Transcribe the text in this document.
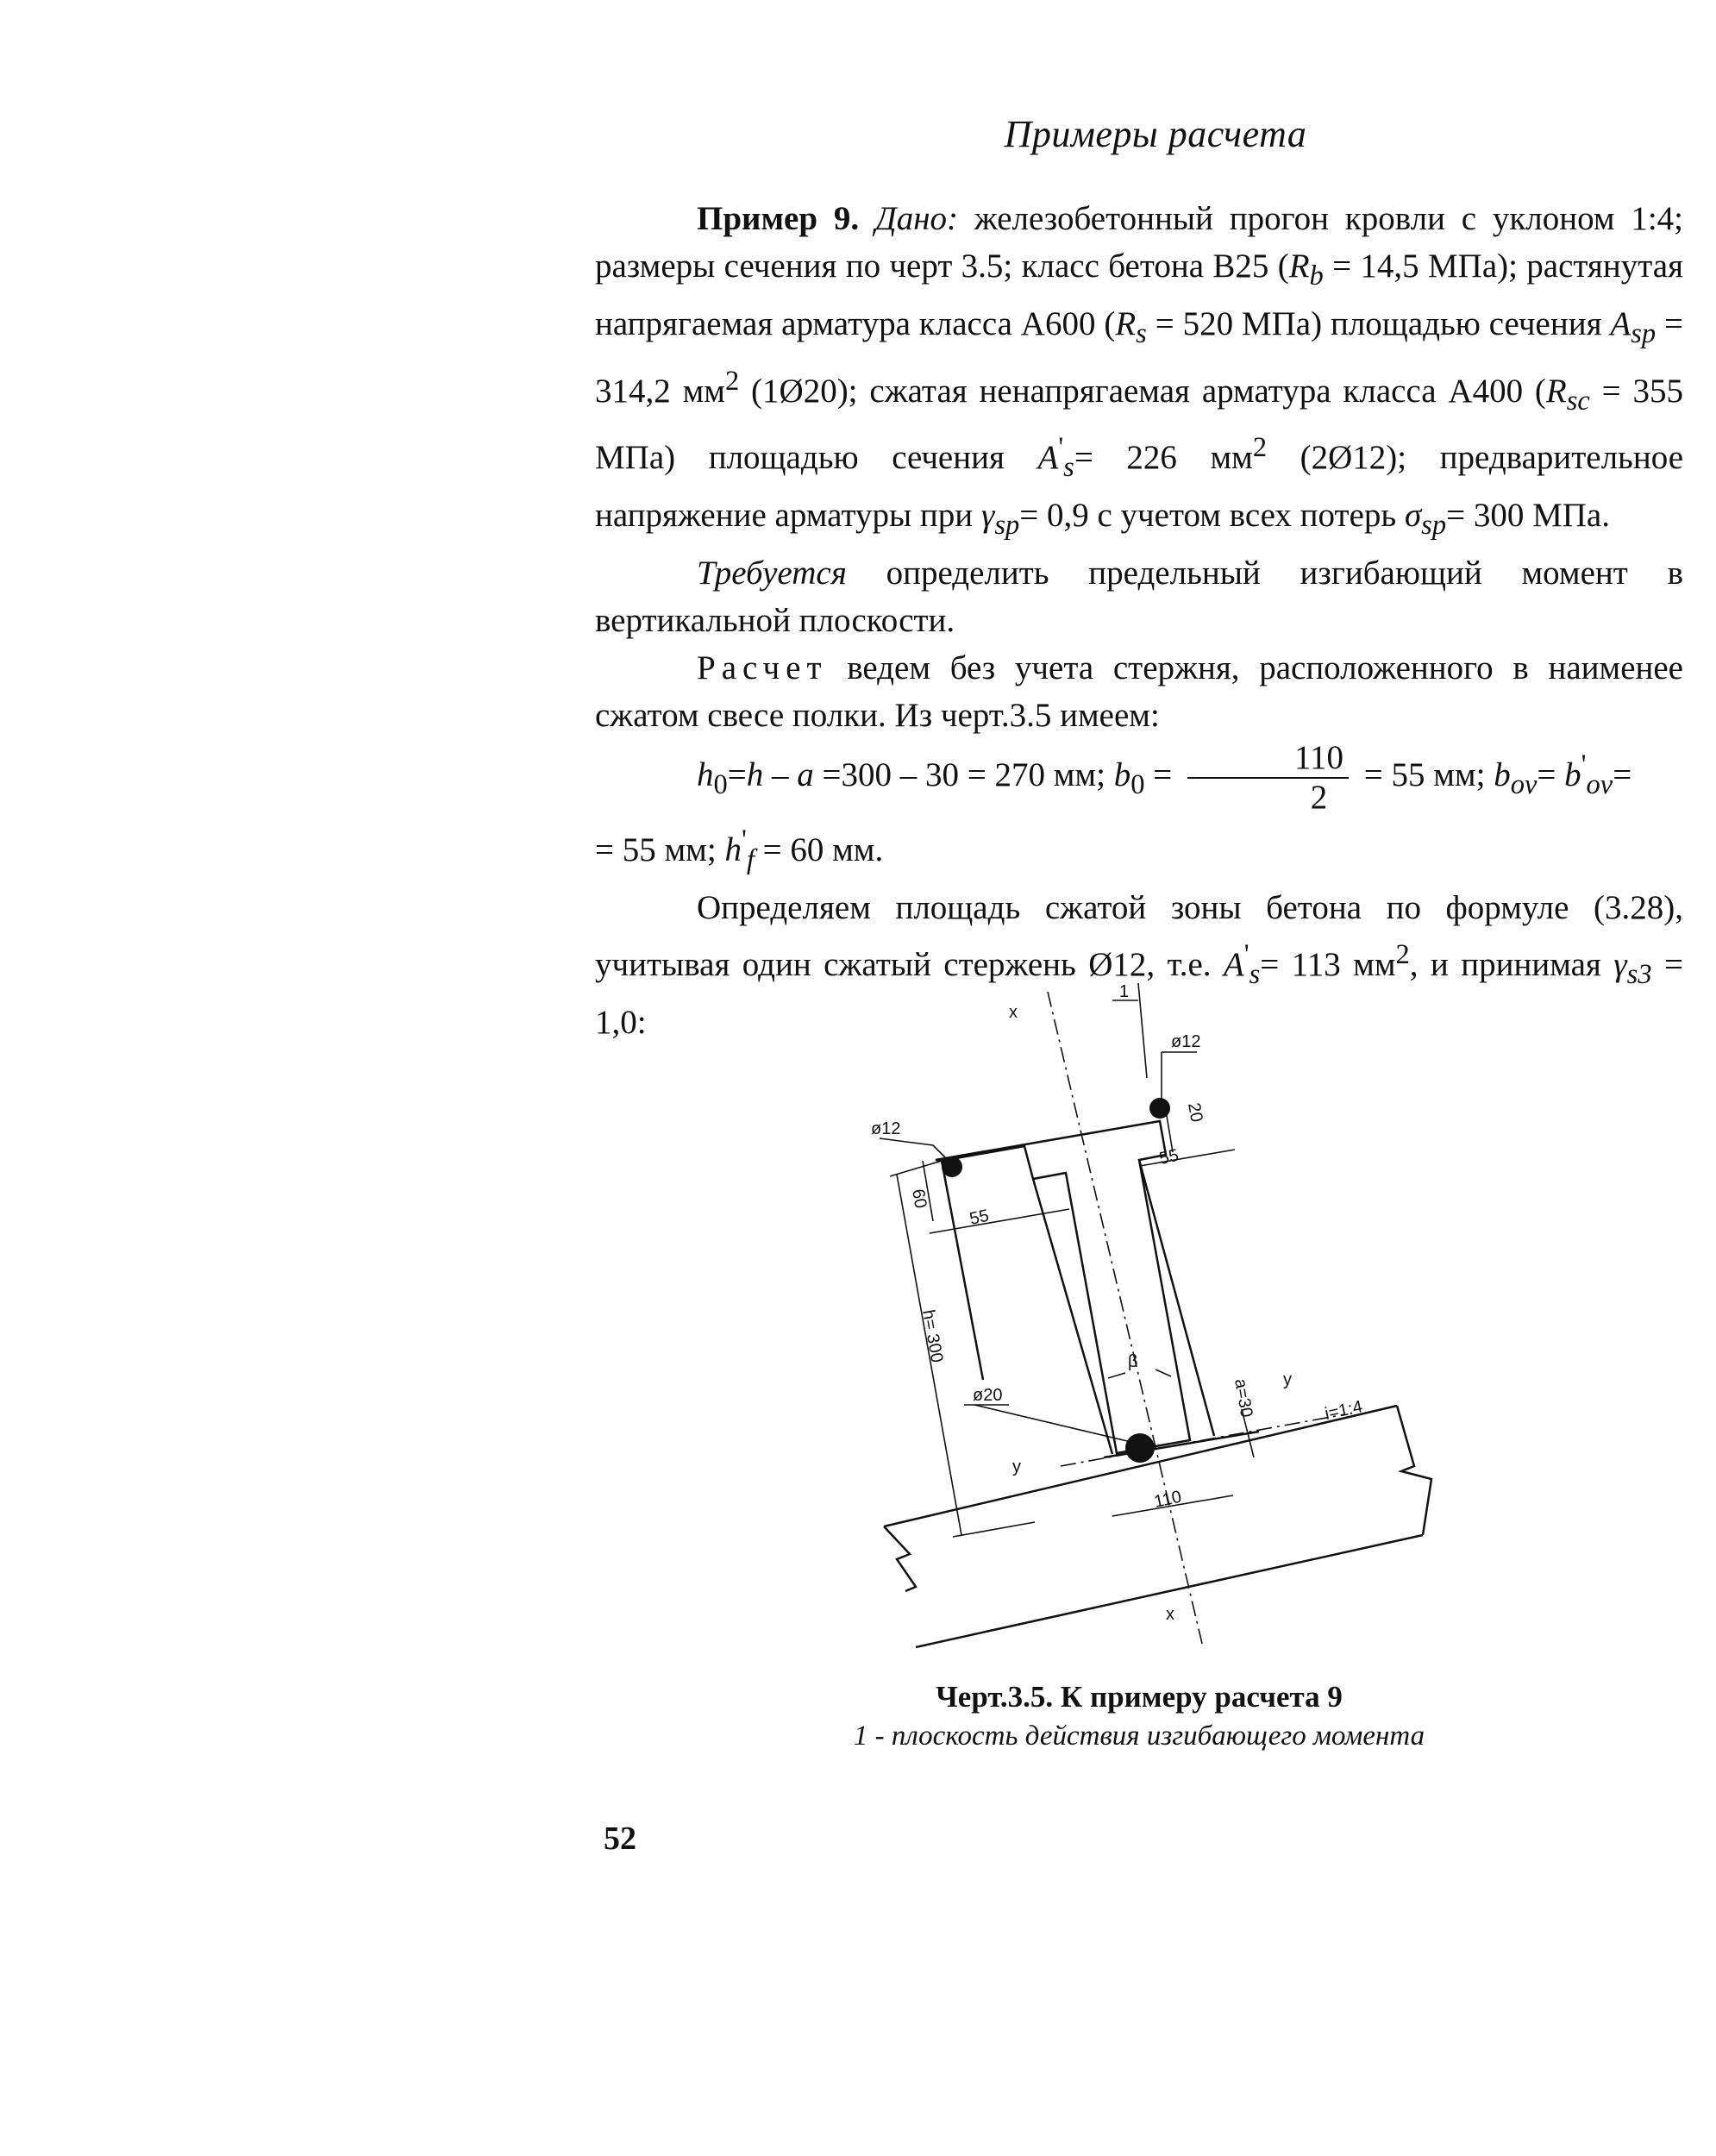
Примеры расчета

Пример 9. Дано: железобетонный прогон кровли с уклоном 1:4; размеры сечения по черт 3.5; класс бетона В25 ($R_b = 14,5$ МПа); растянутая напрягаемая арматура класса А600 ($R_s = 520$ МПа) площадью сечения $A_{sp} = 314,2$ $мм^2$ (1Ø20); сжатая ненапрягаемая арматура класса А400 ($R_{sc} = 355$ МПа) площадью сечения $A'_s= 226$ $мм^2$ (2Ø12); предварительное напряжение арматуры при $\gamma_{sp}= 0,9$ с учетом всех потерь $\sigma_{sp}= 300$ МПа.

Требуется определить предельный изгибающий момент в вертикальной плоскости.

Расчет ведем без учета стержня, расположенного в наименее сжатом свесе полки. Из черт.3.5 имеем:

$h_0=h - a =300 - 30 = 270$ мм; $b_0 = \frac{110}{2} = 55$ мм; $b_{ov}= b'_{ov}=$

= 55 мм; $h'_f = 60$ мм.

Определяем площадь сжатой зоны бетона по формуле (3.28), учитывая один сжатый стержень Ø12, т.е. $A'_s= 113$ $мм^2$, и принимая $\gamma_{s3} = 1,0$:

1
ø12
ø12
ø20
20
60
55
55
h= 300
a=30
110
i=1:4
x
x
y
y
β
Черт.3.5. К примеру расчета 9
1 - плоскость действия изгибающего момента
52
